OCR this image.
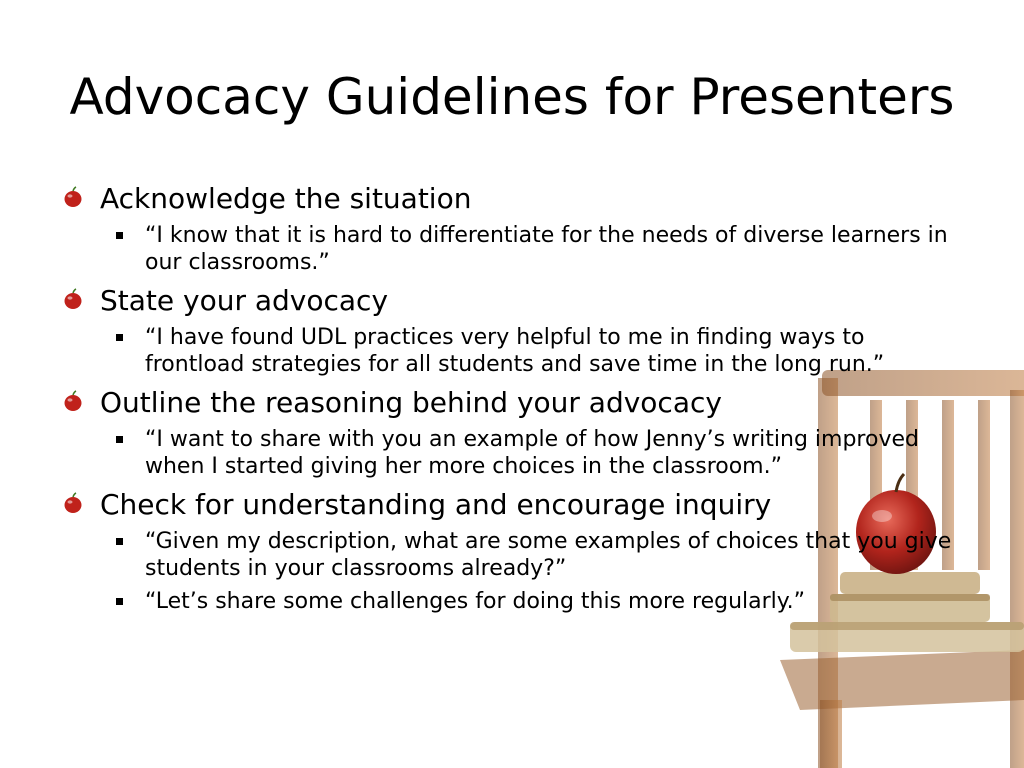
Advocacy Guidelines for Presenters
Acknowledge the situation
“I know that it is hard to differentiate for the needs of diverse learners in our classrooms.”
State your advocacy
“I have found UDL practices very helpful to me in finding ways to frontload strategies for all students and save time in the long run.”
Outline the reasoning behind your advocacy
“I want to share with you an example of how Jenny’s writing improved when I started giving her more choices in the classroom.”
Check for understanding and encourage inquiry
“Given my description, what are some examples of choices that you give students in your classrooms already?”
“Let’s share some challenges for doing this more regularly.”
